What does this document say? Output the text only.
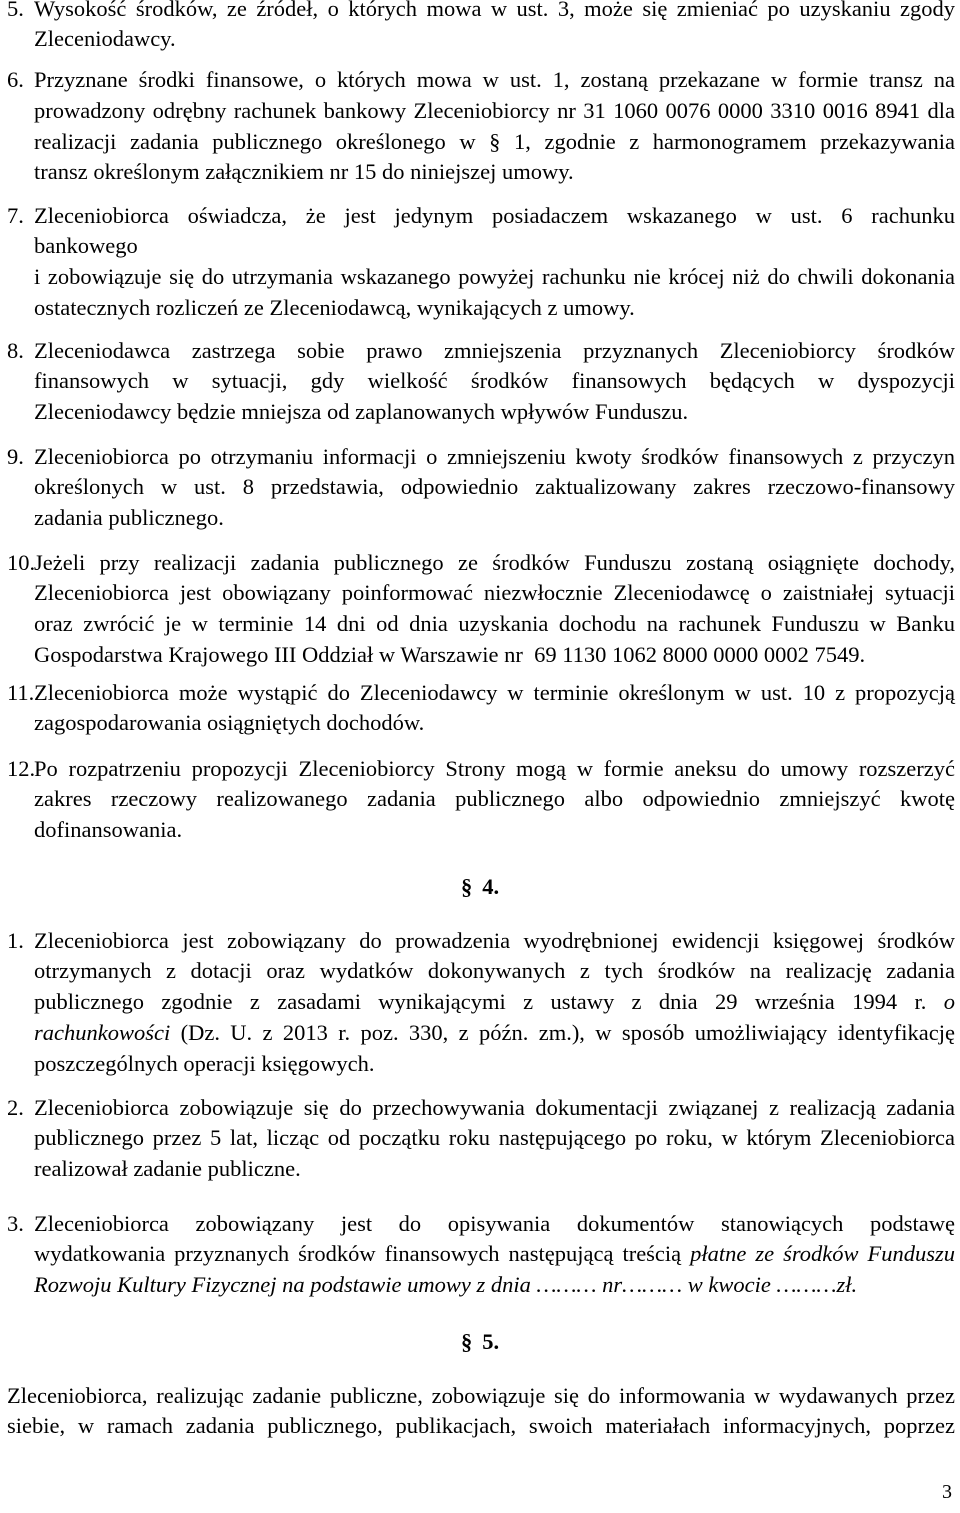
5. Wysokość środków, ze źródeł, o których mowa w ust. 3, może się zmieniać po uzyskaniu zgody
Zleceniodawcy.
6. Przyznane środki finansowe, o których mowa w ust. 1, zostaną przekazane w formie transz na
prowadzony odrębny rachunek bankowy Zleceniobiorcy nr 31 1060 0076 0000 3310 0016 8941 dla
realizacji zadania publicznego określonego w § 1, zgodnie z harmonogramem przekazywania
transz określonym załącznikiem nr 15 do niniejszej umowy.
7. Zleceniobiorca oświadcza, że jest jedynym posiadaczem wskazanego w ust. 6 rachunku
bankowego
i zobowiązuje się do utrzymania wskazanego powyżej rachunku nie krócej niż do chwili dokonania
ostatecznych rozliczeń ze Zleceniodawcą, wynikających z umowy.
8. Zleceniodawca zastrzega sobie prawo zmniejszenia przyznanych Zleceniobiorcy środków
finansowych w sytuacji, gdy wielkość środków finansowych będących w dyspozycji
Zleceniodawcy będzie mniejsza od zaplanowanych wpływów Funduszu.
9. Zleceniobiorca po otrzymaniu informacji o zmniejszeniu kwoty środków finansowych z przyczyn
określonych w ust. 8 przedstawia, odpowiednio zaktualizowany zakres rzeczowo-finansowy
zadania publicznego.
10.
Jeżeli przy realizacji zadania publicznego ze środków Funduszu zostaną osiągnięte dochody,
Zleceniobiorca jest obowiązany poinformować niezwłocznie Zleceniodawcę o zaistniałej sytuacji
oraz zwrócić je w terminie 14 dni od dnia uzyskania dochodu na rachunek Funduszu w Banku
Gospodarstwa Krajowego III Oddział w Warszawie nr  69 1130 1062 8000 0000 0002 7549.
11. Zleceniobiorca może wystąpić do Zleceniodawcy w terminie określonym w ust. 10 z propozycją
zagospodarowania osiągniętych dochodów.
12.
Po rozpatrzeniu propozycji Zleceniobiorcy Strony mogą w formie aneksu do umowy rozszerzyć
zakres rzeczowy realizowanego zadania publicznego albo odpowiednio zmniejszyć kwotę
dofinansowania.
§ 4.
1. Zleceniobiorca jest zobowiązany do prowadzenia wyodrębnionej ewidencji księgowej środków
otrzymanych z dotacji oraz wydatków dokonywanych z tych środków na realizację zadania
publicznego zgodnie z zasadami wynikającymi z ustawy z dnia 29 września 1994 r. o
rachunkowości (Dz. U. z 2013 r. poz. 330, z późn. zm.), w sposób umożliwiający identyfikację
poszczególnych operacji księgowych.
2. Zleceniobiorca zobowiązuje się do przechowywania dokumentacji związanej z realizacją zadania
publicznego przez 5 lat, licząc od początku roku następującego po roku, w którym Zleceniobiorca
realizował zadanie publiczne.
3. Zleceniobiorca zobowiązany jest do opisywania dokumentów stanowiących podstawę
wydatkowania przyznanych środków finansowych następującą treścią płatne ze środków Funduszu
Rozwoju Kultury Fizycznej na podstawie umowy z dnia ……… nr……… w kwocie ………zł.
§ 5.
Zleceniobiorca, realizując zadanie publiczne, zobowiązuje się do informowania w wydawanych przez
siebie, w ramach zadania publicznego, publikacjach, swoich materiałach informacyjnych, poprzez
3
